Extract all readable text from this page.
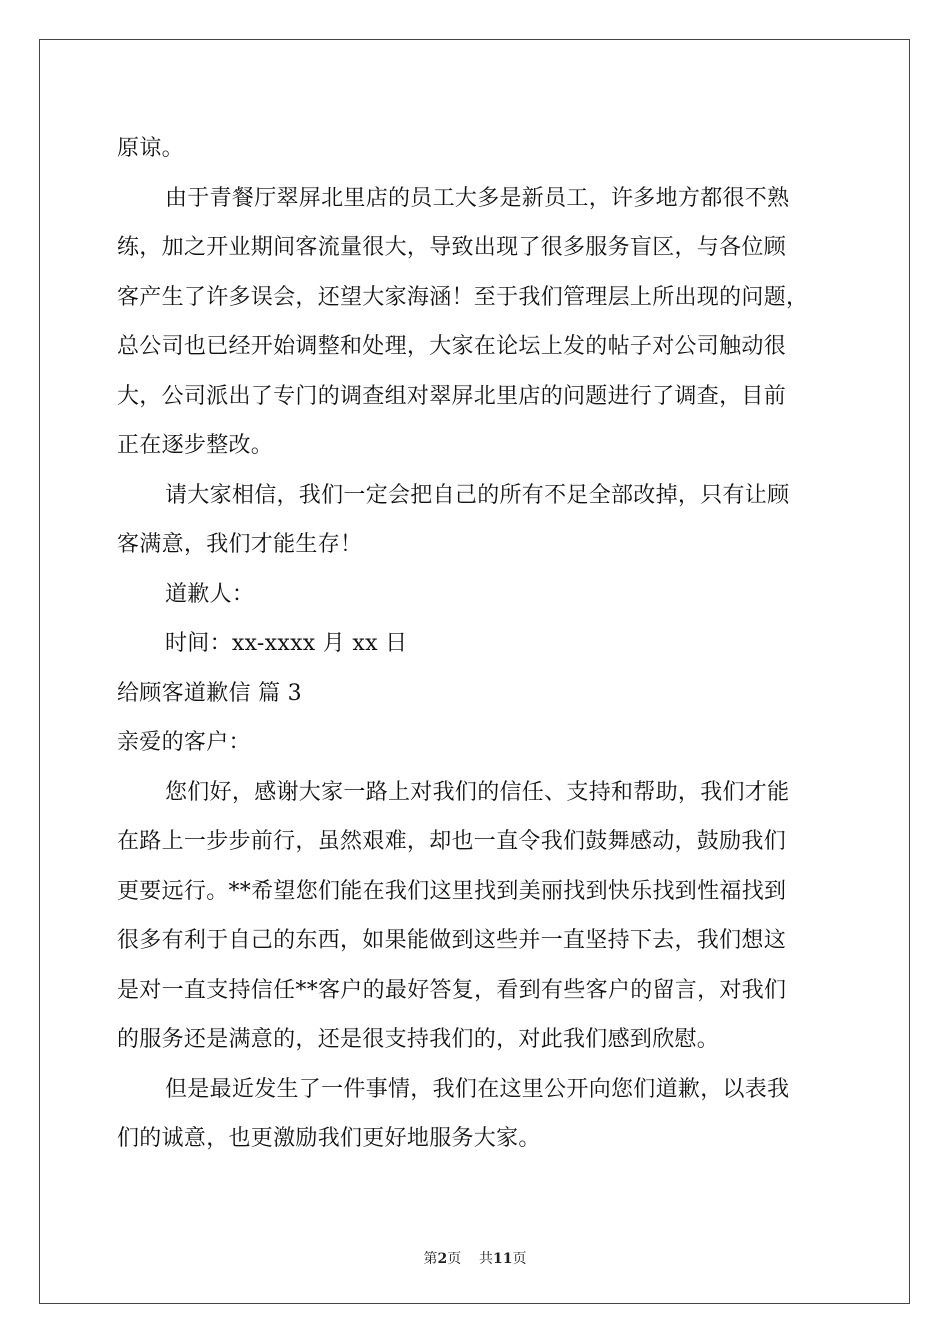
原谅。
由于青餐厅翠屏北里店的员工大多是新员工，许多地方都很不熟
练，加之开业期间客流量很大，导致出现了很多服务盲区，与各位顾
客产生了许多误会，还望大家海涵！至于我们管理层上所出现的问题，
总公司也已经开始调整和处理，大家在论坛上发的帖子对公司触动很
大，公司派出了专门的调查组对翠屏北里店的问题进行了调查，目前
正在逐步整改。
请大家相信，我们一定会把自己的所有不足全部改掉，只有让顾
客满意，我们才能生存！
道歉人：
时间：xx-xxxx 月 xx 日
给顾客道歉信 篇 3
亲爱的客户：
您们好，感谢大家一路上对我们的信任、支持和帮助，我们才能
在路上一步步前行，虽然艰难，却也一直令我们鼓舞感动，鼓励我们
更要远行。**希望您们能在我们这里找到美丽找到快乐找到性福找到
很多有利于自己的东西，如果能做到这些并一直坚持下去，我们想这
是对一直支持信任**客户的最好答复，看到有些客户的留言，对我们
的服务还是满意的，还是很支持我们的，对此我们感到欣慰。
但是最近发生了一件事情，我们在这里公开向您们道歉，以表我
们的诚意，也更激励我们更好地服务大家。
第2页 共11页
